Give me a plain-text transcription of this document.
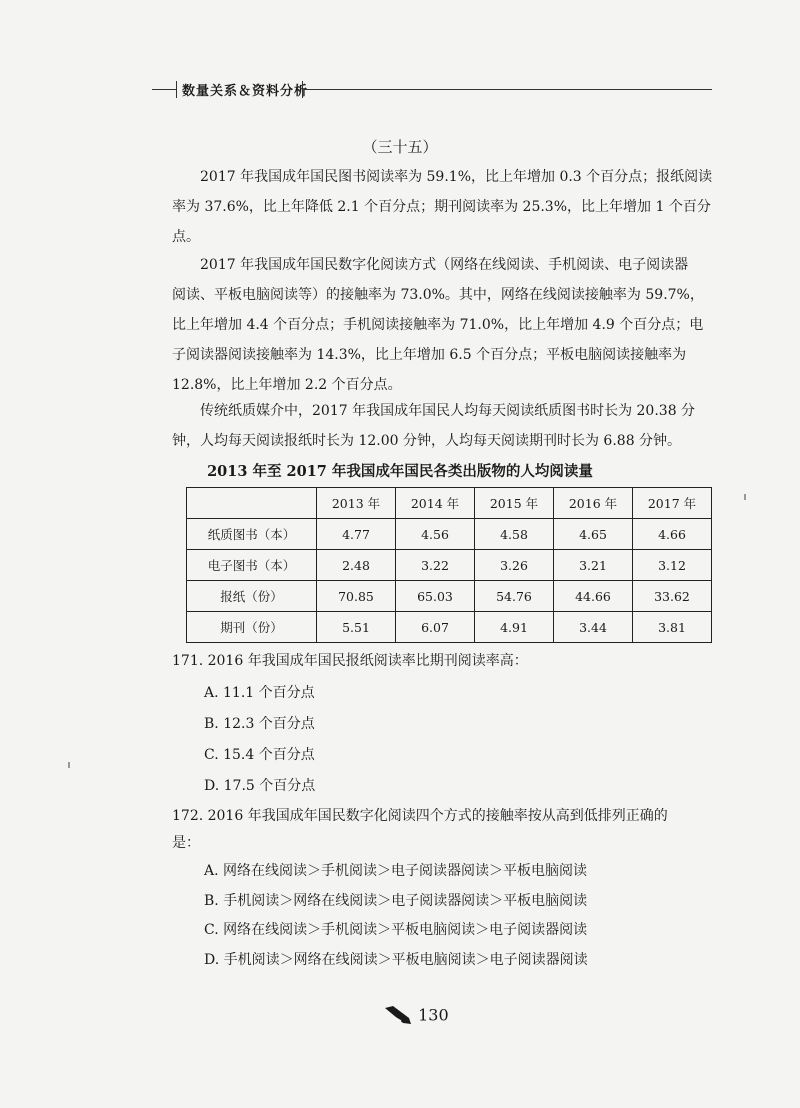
数量关系＆资料分析
（三十五）
2017 年我国成年国民图书阅读率为 59.1%，比上年增加 0.3 个百分点；报纸阅读
率为 37.6%，比上年降低 2.1 个百分点；期刊阅读率为 25.3%，比上年增加 1 个百分
点。
2017 年我国成年国民数字化阅读方式（网络在线阅读、手机阅读、电子阅读器
阅读、平板电脑阅读等）的接触率为 73.0%。其中，网络在线阅读接触率为 59.7%，
比上年增加 4.4 个百分点；手机阅读接触率为 71.0%，比上年增加 4.9 个百分点；电
子阅读器阅读接触率为 14.3%，比上年增加 6.5 个百分点；平板电脑阅读接触率为
12.8%，比上年增加 2.2 个百分点。
传统纸质媒介中，2017 年我国成年国民人均每天阅读纸质图书时长为 20.38 分
钟，人均每天阅读报纸时长为 12.00 分钟，人均每天阅读期刊时长为 6.88 分钟。
2013 年至 2017 年我国成年国民各类出版物的人均阅读量
	2013 年	2014 年	2015 年	2016 年	2017 年
纸质图书（本）	4.77	4.56	4.58	4.65	4.66
电子图书（本）	2.48	3.22	3.26	3.21	3.12
报纸（份）	70.85	65.03	54.76	44.66	33.62
期刊（份）	5.51	6.07	4.91	3.44	3.81
171. 2016 年我国成年国民报纸阅读率比期刊阅读率高：
A. 11.1 个百分点
B. 12.3 个百分点
C. 15.4 个百分点
D. 17.5 个百分点
172. 2016 年我国成年国民数字化阅读四个方式的接触率按从高到低排列正确的
是：
A. 网络在线阅读＞手机阅读＞电子阅读器阅读＞平板电脑阅读
B. 手机阅读＞网络在线阅读＞电子阅读器阅读＞平板电脑阅读
C. 网络在线阅读＞手机阅读＞平板电脑阅读＞电子阅读器阅读
D. 手机阅读＞网络在线阅读＞平板电脑阅读＞电子阅读器阅读
130
